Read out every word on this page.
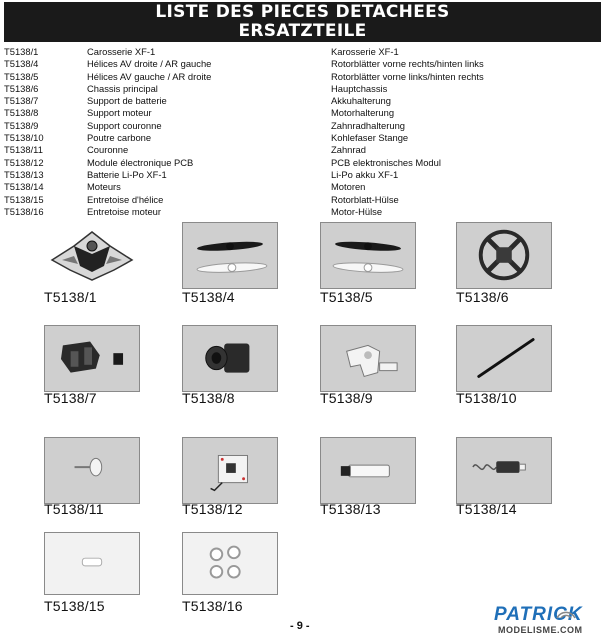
LISTE DES PIECES DETACHEES
ERSATZTEILE
T5138/1	Carosserie XF-1	Karosserie XF-1
T5138/4	Hélices AV droite / AR gauche	Rotorblätter vorne rechts/hinten links
T5138/5	Hélices AV gauche / AR droite	Rotorblätter vorne links/hinten rechts
T5138/6	Chassis principal	Hauptchassis
T5138/7	Support de batterie	Akkuhalterung
T5138/8	Support moteur	Motorhalterung
T5138/9	Support couronne	Zahnradhalterung
T5138/10	Poutre carbone	Kohlefaser Stange
T5138/11	Couronne	Zahnrad
T5138/12	Module électronique PCB	PCB elektronisches Modul
T5138/13	Batterie Li-Po XF-1	Li-Po akku XF-1
T5138/14	Moteurs	Motoren
T5138/15	Entretoise d'hélice	Rotorblatt-Hülse
T5138/16	Entretoise moteur	Motor-Hülse
T5138/1	T5138/4	T5138/5	T5138/6
T5138/7	T5138/8	T5138/9	T5138/10
T5138/11	T5138/12	T5138/13	T5138/14
T5138/15	T5138/16
- 9 -
PATRICK
MODELISME.COM
